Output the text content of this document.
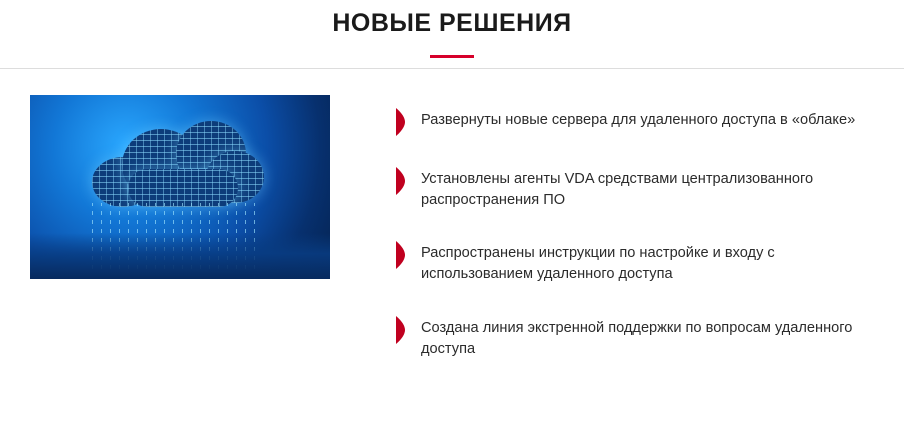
НОВЫЕ РЕШЕНИЯ
Развернуты новые сервера для удаленного доступа в «облаке»
Установлены агенты VDA средствами централизованного распространения ПО
Распространены инструкции по настройке и входу с использованием удаленного доступа
Создана линия экстренной поддержки по вопросам удаленного доступа
